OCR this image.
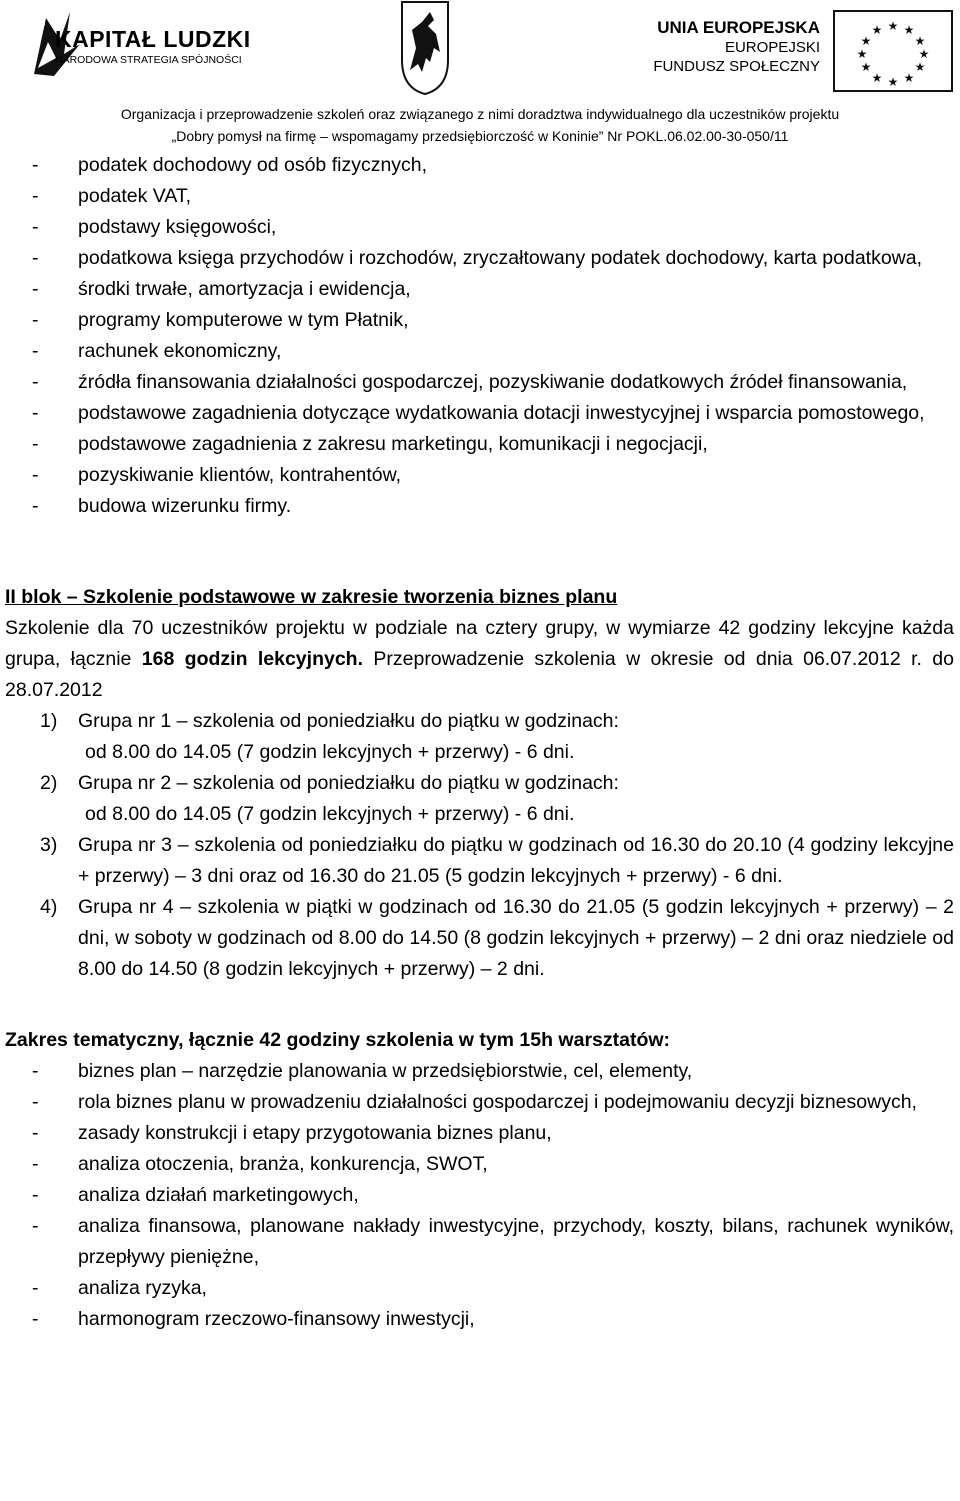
KAPITAŁ LUDZKI
NARODOWA STRATEGIA SPÓJNOŚCI
UNIA EUROPEJSKA
EUROPEJSKI
FUNDUSZ SPOŁECZNY
★ ★
★
★
★
★
★
★
★
★
★
★
Organizacja i przeprowadzenie szkoleń oraz związanego z nimi doradztwa indywidualnego dla uczestników projektu
„Dobry pomysł na firmę – wspomagamy przedsiębiorczość w Koninie” Nr POKL.06.02.00-30-050/11
- podatek dochodowy od osób fizycznych,
- podatek VAT,
- podstawy księgowości,
- podatkowa księga przychodów i rozchodów, zryczałtowany podatek dochodowy, karta podatkowa,
- środki trwałe, amortyzacja i ewidencja,
- programy komputerowe w tym Płatnik,
- rachunek ekonomiczny,
- źródła finansowania działalności gospodarczej, pozyskiwanie dodatkowych źródeł finansowania,
- podstawowe zagadnienia dotyczące wydatkowania dotacji inwestycyjnej i wsparcia pomostowego,
- podstawowe zagadnienia z zakresu marketingu, komunikacji i negocjacji,
- pozyskiwanie klientów, kontrahentów,
- budowa wizerunku firmy.
II blok – Szkolenie podstawowe w zakresie tworzenia biznes planu
Szkolenie dla 70 uczestników projektu w podziale na cztery grupy, w wymiarze 42 godziny lekcyjne każda grupa, łącznie 168 godzin lekcyjnych. Przeprowadzenie szkolenia w okresie od dnia 06.07.2012 r. do 28.07.2012
1) Grupa nr 1 – szkolenia od poniedziałku do piątku w godzinach:
od 8.00 do 14.05 (7 godzin lekcyjnych + przerwy) - 6 dni.
2) Grupa nr 2 – szkolenia od poniedziałku do piątku w godzinach:
od 8.00 do 14.05 (7 godzin lekcyjnych + przerwy) - 6 dni.
3) Grupa nr 3 – szkolenia od poniedziałku do piątku w godzinach od 16.30 do 20.10 (4 godziny lekcyjne + przerwy) – 3 dni oraz od 16.30 do 21.05 (5 godzin lekcyjnych + przerwy) - 6 dni.
4) Grupa nr 4 – szkolenia w piątki w godzinach od 16.30 do 21.05 (5 godzin lekcyjnych + przerwy) – 2 dni, w soboty w godzinach od 8.00 do 14.50 (8 godzin lekcyjnych + przerwy) – 2 dni oraz niedziele od 8.00 do 14.50 (8 godzin lekcyjnych + przerwy) – 2 dni.
Zakres tematyczny, łącznie 42 godziny szkolenia w tym 15h warsztatów:
- biznes plan – narzędzie planowania w przedsiębiorstwie, cel, elementy,
- rola biznes planu w prowadzeniu działalności gospodarczej i podejmowaniu decyzji biznesowych,
- zasady konstrukcji i etapy przygotowania biznes planu,
- analiza otoczenia, branża, konkurencja, SWOT,
- analiza działań marketingowych,
- analiza finansowa, planowane nakłady inwestycyjne, przychody, koszty, bilans, rachunek wyników, przepływy pieniężne,
- analiza ryzyka,
- harmonogram rzeczowo-finansowy inwestycji,
